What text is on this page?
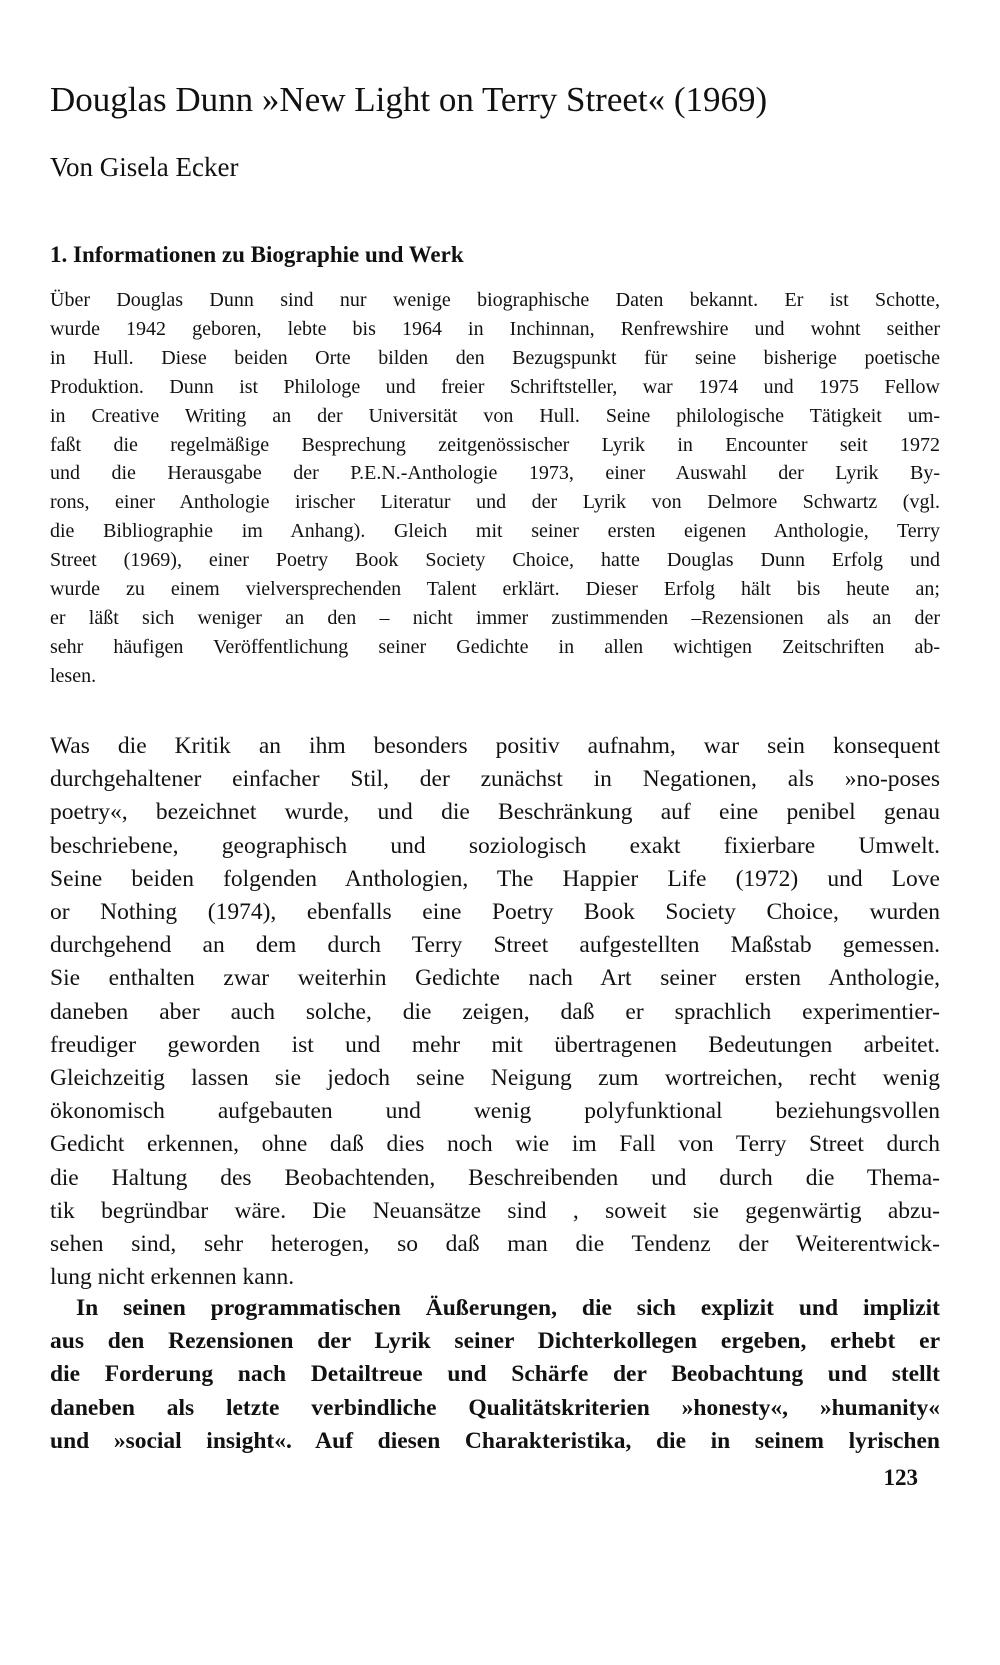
Douglas Dunn »New Light on Terry Street« (1969)

Von Gisela Ecker

1. Informationen zu Biographie und Werk

Über Douglas Dunn sind nur wenige biographische Daten bekannt. Er ist Schotte,
wurde 1942 geboren, lebte bis 1964 in Inchinnan, Renfrewshire und wohnt seither
in Hull. Diese beiden Orte bilden den Bezugspunkt für seine bisherige poetische
Produktion. Dunn ist Philologe und freier Schriftsteller, war 1974 und 1975 Fellow
in Creative Writing an der Universität von Hull. Seine philologische Tätigkeit um-
faßt die regelmäßige Besprechung zeitgenössischer Lyrik in Encounter seit 1972
und die Herausgabe der P.E.N.-Anthologie 1973, einer Auswahl der Lyrik By-
rons, einer Anthologie irischer Literatur und der Lyrik von Delmore Schwartz (vgl.
die Bibliographie im Anhang). Gleich mit seiner ersten eigenen Anthologie, Terry
Street (1969), einer Poetry Book Society Choice, hatte Douglas Dunn Erfolg und
wurde zu einem vielversprechenden Talent erklärt. Dieser Erfolg hält bis heute an;
er läßt sich weniger an den – nicht immer zustimmenden –Rezensionen als an der
sehr häufigen Veröffentlichung seiner Gedichte in allen wichtigen Zeitschriften ab-
lesen.

Was die Kritik an ihm besonders positiv aufnahm, war sein konsequent
durchgehaltener einfacher Stil, der zunächst in Negationen, als »no-poses
poetry«, bezeichnet wurde, und die Beschränkung auf eine penibel genau
beschriebene, geographisch und soziologisch exakt fixierbare Umwelt.
Seine beiden folgenden Anthologien, The Happier Life (1972) und Love
or Nothing (1974), ebenfalls eine Poetry Book Society Choice, wurden
durchgehend an dem durch Terry Street aufgestellten Maßstab gemessen.
Sie enthalten zwar weiterhin Gedichte nach Art seiner ersten Anthologie,
daneben aber auch solche, die zeigen, daß er sprachlich experimentier-
freudiger geworden ist und mehr mit übertragenen Bedeutungen arbeitet.
Gleichzeitig lassen sie jedoch seine Neigung zum wortreichen, recht wenig
ökonomisch aufgebauten und wenig polyfunktional beziehungsvollen
Gedicht erkennen, ohne daß dies noch wie im Fall von Terry Street durch
die Haltung des Beobachtenden, Beschreibenden und durch die Thema-
tik begründbar wäre. Die Neuansätze sind , soweit sie gegenwärtig abzu-
sehen sind, sehr heterogen, so daß man die Tendenz der Weiterentwick-
lung nicht erkennen kann.

In seinen programmatischen Äußerungen, die sich explizit und implizit
aus den Rezensionen der Lyrik seiner Dichterkollegen ergeben, erhebt er
die Forderung nach Detailtreue und Schärfe der Beobachtung und stellt
daneben als letzte verbindliche Qualitätskriterien »honesty«, »humanity«
und »social insight«. Auf diesen Charakteristika, die in seinem lyrischen

123
